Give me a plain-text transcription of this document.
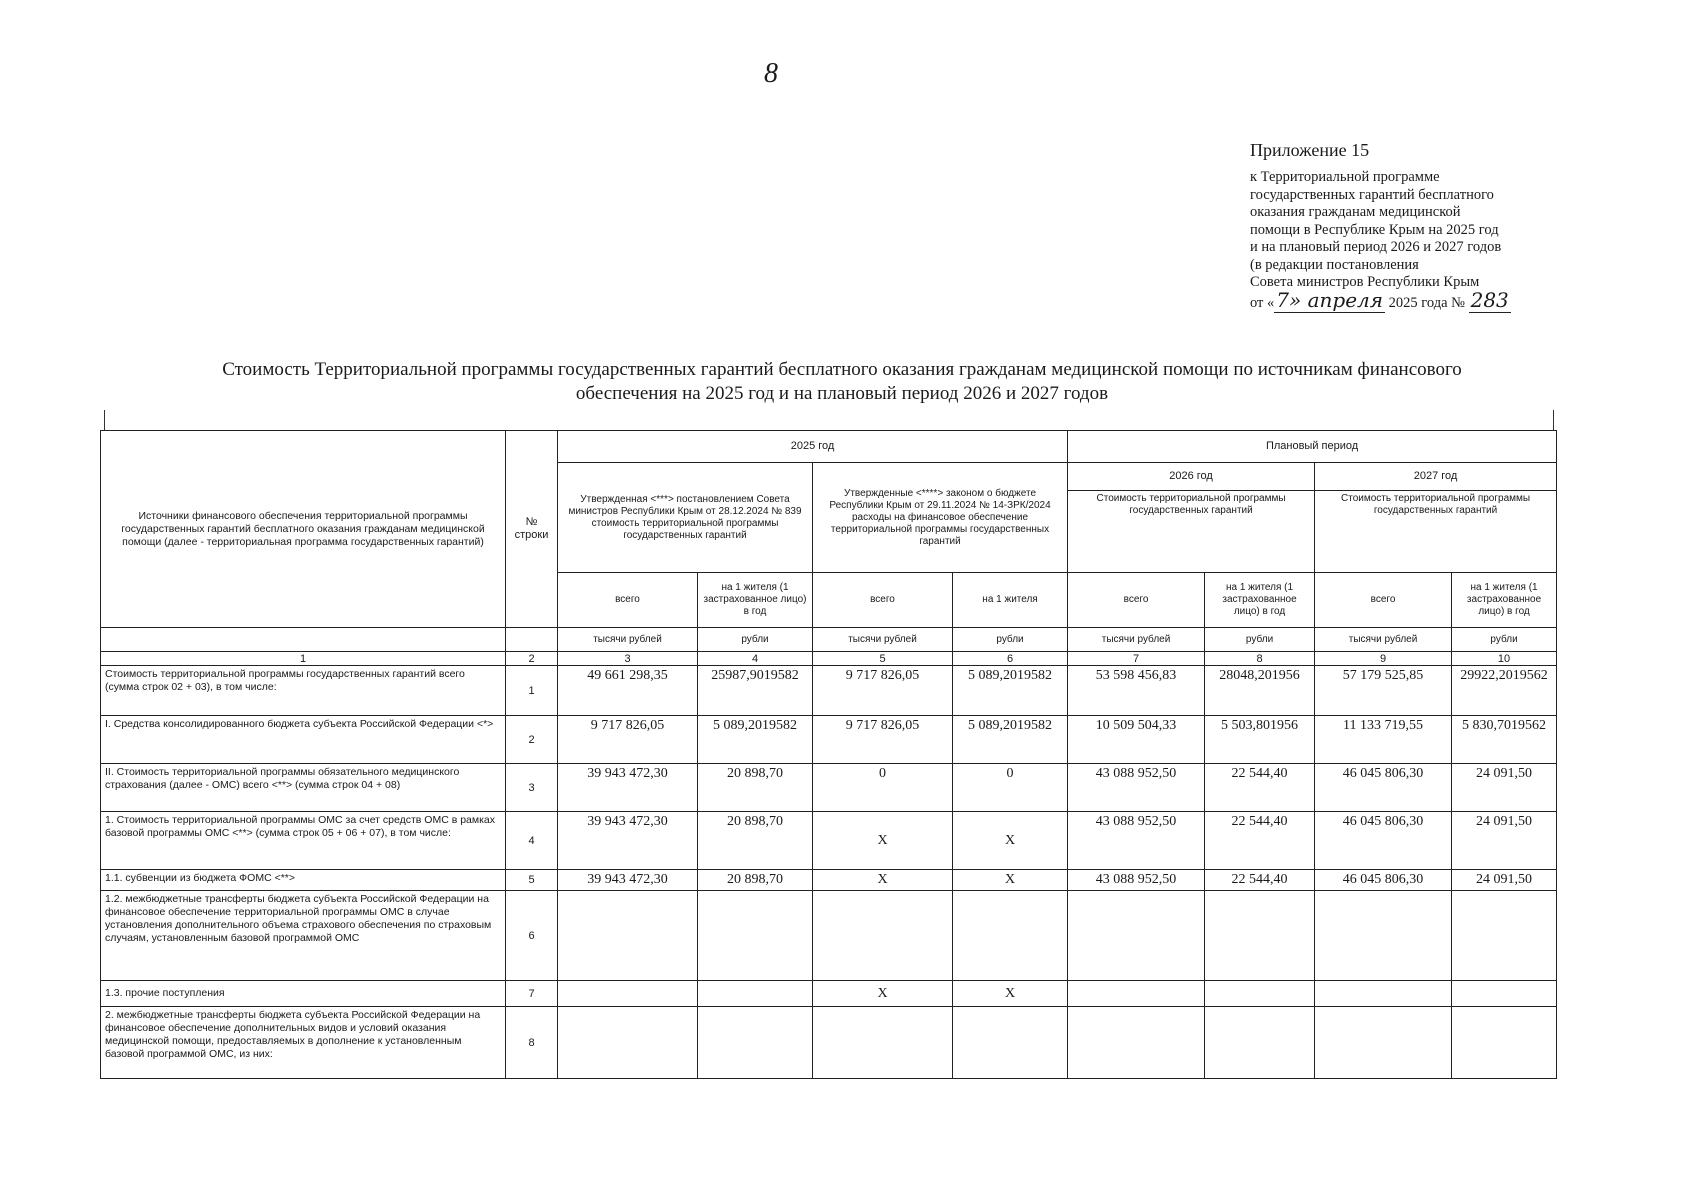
8
Приложение 15
к Территориальной программе
государственных гарантий бесплатного
оказания гражданам медицинской
помощи в Республике Крым на 2025 год
и на плановый период 2026 и 2027 годов
(в редакции постановления
Совета министров Республики Крым
от « 7» апреля 2025 года № 283
Стоимость Территориальной программы государственных гарантий бесплатного оказания гражданам медицинской помощи по источникам финансового
обеспечения на 2025 год и на плановый период 2026 и 2027 годов
Источники финансового обеспечения территориальной программы государственных гарантий бесплатного оказания гражданам медицинской помощи (далее - территориальная программа государственных гарантий)	№ строки	2025 год				Плановый период			
		Утвержденная <***> постановлением Совета министров Республики Крым от 28.12.2024 № 839 стоимость территориальной программы государственных гарантий		Утвержденные <****> законом о бюджете Республики Крым от 29.11.2024 № 14-ЗРК/2024 расходы на финансовое обеспечение территориальной программы государственных гарантий		2026 год		2027 год	
						Стоимость территориальной программы государственных гарантий		Стоимость территориальной программы государственных гарантий	
		всего	на 1 жителя (1 застрахованное лицо) в год	всего	на 1 жителя	всего	на 1 жителя (1 застрахованное лицо) в год	всего	на 1 жителя (1 застрахованное лицо) в год
		тысячи рублей	рубли	тысячи рублей	рубли	тысячи рублей	рубли	тысячи рублей	рубли
1	2	3	4	5	6	7	8	9	10
Стоимость территориальной программы государственных гарантий всего (сумма строк 02 + 03), в том числе:	1	49 661 298,35	25987,9019582	9 717 826,05	5 089,2019582	53 598 456,83	28048,201956	57 179 525,85	29922,2019562
I. Средства консолидированного бюджета субъекта Российской Федерации <*>	2	9 717 826,05	5 089,2019582	9 717 826,05	5 089,2019582	10 509 504,33	5 503,801956	11 133 719,55	5 830,7019562
II. Стоимость территориальной программы обязательного медицинского страхования (далее - ОМС) всего <**> (сумма строк 04 + 08)	3	39 943 472,30	20 898,70	0	0	43 088 952,50	22 544,40	46 045 806,30	24 091,50
1. Стоимость территориальной программы ОМС за счет средств ОМС в рамках базовой программы ОМС <**> (сумма строк 05 + 06 + 07), в том числе:	4	39 943 472,30	20 898,70	X	X	43 088 952,50	22 544,40	46 045 806,30	24 091,50
1.1. субвенции из бюджета ФОМС <**>	5	39 943 472,30	20 898,70	X	X	43 088 952,50	22 544,40	46 045 806,30	24 091,50
1.2. межбюджетные трансферты бюджета субъекта Российской Федерации на финансовое обеспечение территориальной программы ОМС в случае установления дополнительного объема страхового обеспечения по страховым случаям, установленным базовой программой ОМС	6								
1.3. прочие поступления	7			X	X				
2. межбюджетные трансферты бюджета субъекта Российской Федерации на финансовое обеспечение дополнительных видов и условий оказания медицинской помощи, предоставляемых в дополнение к установленным базовой программой ОМС, из них:	8								
